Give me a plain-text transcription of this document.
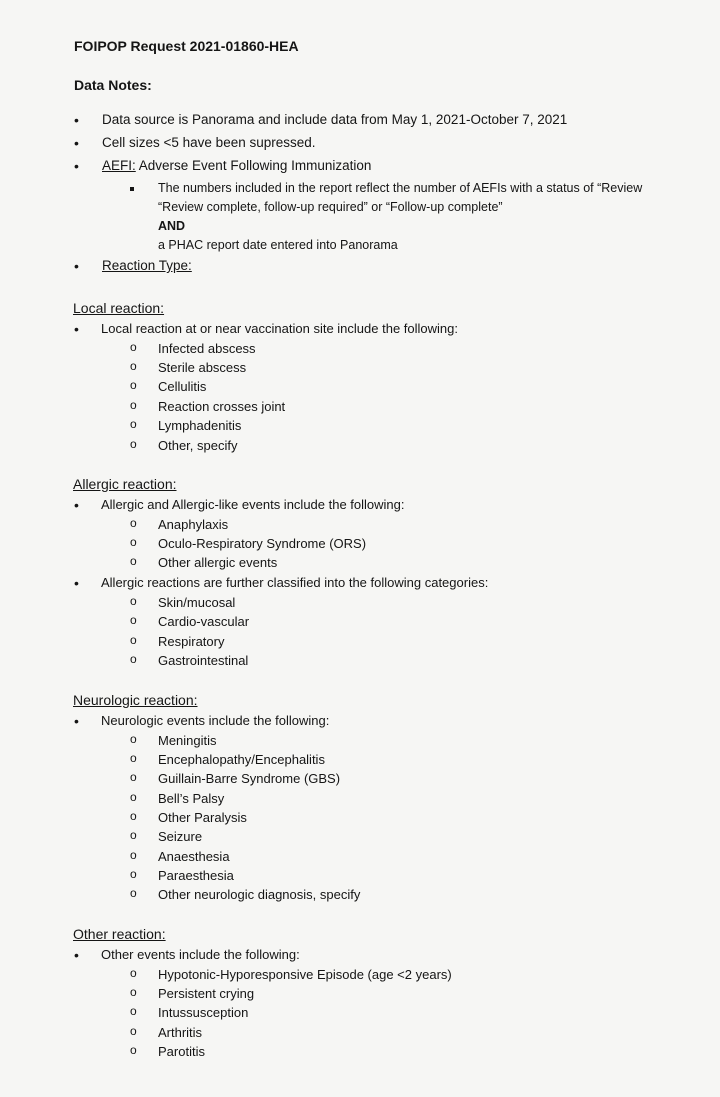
FOIPOP Request 2021-01860-HEA
Data Notes:
• Data source is Panorama and include data from May 1, 2021-October 7, 2021
• Cell sizes <5 have been supressed.
• AEFI: Adverse Event Following Immunization
The numbers included in the report reflect the number of AEFIs with a status of “Review
“Review complete, follow-up required” or “Follow-up complete”
AND
a PHAC report date entered into Panorama
• Reaction Type:
Local reaction:
• Local reaction at or near vaccination site include the following:
o Infected abscess
o Sterile abscess
o Cellulitis
o Reaction crosses joint
o Lymphadenitis
o Other, specify
Allergic reaction:
• Allergic and Allergic-like events include the following:
o Anaphylaxis
o Oculo-Respiratory Syndrome (ORS)
o Other allergic events
• Allergic reactions are further classified into the following categories:
o Skin/mucosal
o Cardio-vascular
o Respiratory
o Gastrointestinal
Neurologic reaction:
• Neurologic events include the following:
o Meningitis
o Encephalopathy/Encephalitis
o Guillain-Barre Syndrome (GBS)
o Bell’s Palsy
o Other Paralysis
o Seizure
o Anaesthesia
o Paraesthesia
o Other neurologic diagnosis, specify
Other reaction:
• Other events include the following:
o Hypotonic-Hyporesponsive Episode (age <2 years)
o Persistent crying
o Intussusception
o Arthritis
o Parotitis
